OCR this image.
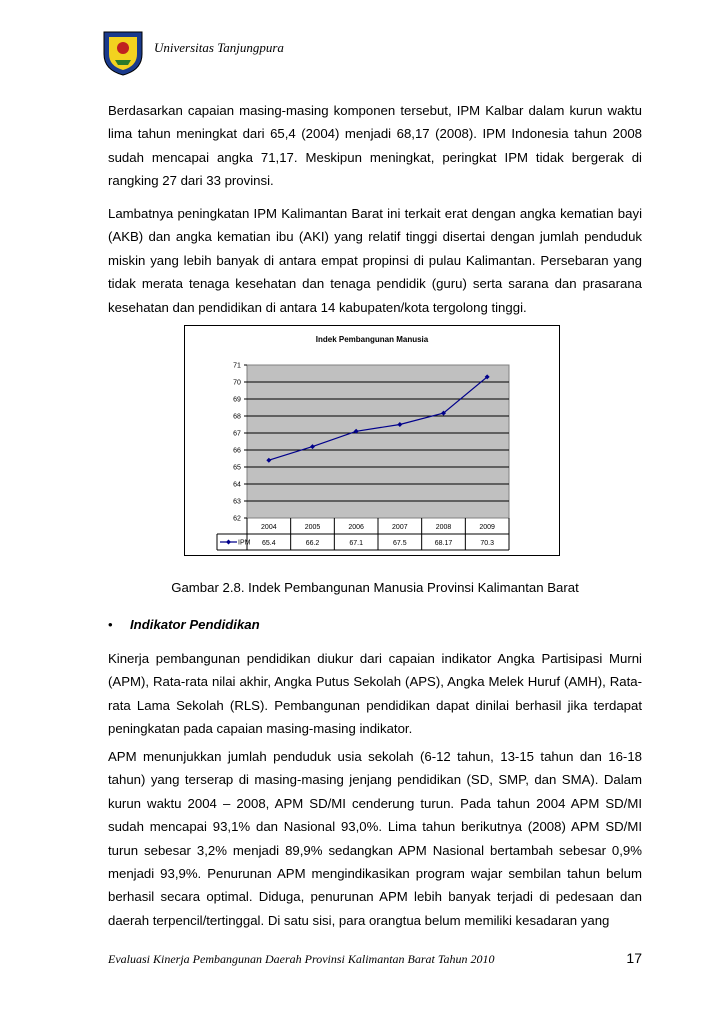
Universitas Tanjungpura
Berdasarkan capaian masing-masing komponen tersebut, IPM Kalbar dalam kurun waktu lima tahun meningkat dari 65,4 (2004) menjadi 68,17 (2008). IPM Indonesia tahun 2008 sudah mencapai angka 71,17. Meskipun meningkat, peringkat IPM tidak bergerak di rangking 27 dari 33 provinsi.
Lambatnya peningkatan IPM Kalimantan Barat ini terkait erat dengan angka kematian bayi (AKB) dan angka kematian ibu (AKI) yang relatif tinggi disertai dengan jumlah penduduk miskin yang lebih banyak di antara empat propinsi di pulau Kalimantan. Persebaran yang tidak merata tenaga kesehatan dan tenaga pendidik (guru) serta sarana dan prasarana kesehatan dan pendidikan di antara 14 kabupaten/kota tergolong tinggi.
Indek Pembangunan Manusia
62
63
64
65
66
67
68
69
70
71
2004	2005	2006	2007	2008	2009
65.4	66.2	67.1	67.5	68.17	70.3
IPM
Gambar 2.8. Indek Pembangunan Manusia Provinsi Kalimantan Barat
• Indikator Pendidikan
Kinerja pembangunan pendidikan diukur dari capaian indikator Angka Partisipasi Murni (APM), Rata-rata nilai akhir, Angka Putus Sekolah (APS), Angka Melek Huruf (AMH), Rata-rata Lama Sekolah (RLS). Pembangunan pendidikan dapat dinilai berhasil jika terdapat peningkatan pada capaian masing-masing indikator.
APM menunjukkan jumlah penduduk usia sekolah (6-12 tahun, 13-15 tahun dan 16-18 tahun) yang terserap di masing-masing jenjang pendidikan (SD, SMP, dan SMA). Dalam kurun waktu 2004 – 2008, APM SD/MI cenderung turun. Pada tahun 2004 APM SD/MI sudah mencapai 93,1% dan Nasional 93,0%. Lima tahun berikutnya (2008) APM SD/MI turun sebesar 3,2% menjadi 89,9% sedangkan APM Nasional bertambah sebesar 0,9% menjadi 93,9%. Penurunan APM mengindikasikan program wajar sembilan tahun belum berhasil secara optimal. Diduga, penurunan APM lebih banyak terjadi di pedesaan dan daerah terpencil/tertinggal. Di satu sisi, para orangtua belum memiliki kesadaran yang
Evaluasi Kinerja Pembangunan Daerah Provinsi Kalimantan Barat Tahun 2010	17
